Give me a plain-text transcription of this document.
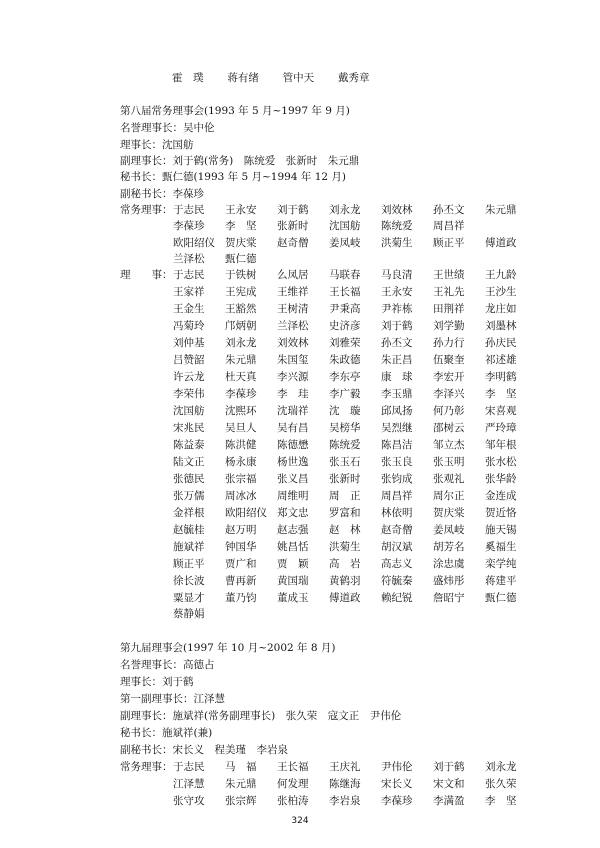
霍　璞 蒋有绪 管中天 戴秀章
第八届常务理事会(1993 年 5 月~1997 年 9 月)
名誉理事长：吴中伦
理事长：沈国舫
副理事长：刘于鹤(常务)　陈统爱　张新时　朱元鼎
秘书长：甄仁德(1993 年 5 月~1994 年 12 月)
副秘书长：李葆珍
常务理事： 于志民 王永安 刘于鹤 刘永龙 刘效林 孙丕文 朱元鼎
李葆珍 李　坚 张新时 沈国舫 陈统爱 周昌祥
欧阳绍仪 贺庆棠 赵奇僧 姜凤岐 洪菊生 顾正平 傅道政
兰泽松 甄仁德
理　　事： 于志民 于铁树 么凤居 马联春 马良清 王世绩 王九龄
王家祥 王宪成 王维祥 王长福 王永安 王礼先 王沙生
王金生 王豁然 王树清 尹秉高 尹祚栋 田荆祥 龙庄如
冯菊玲 邝炳朝 兰泽松 史济彦 刘于鹤 刘学勤 刘墨林
刘仲基 刘永龙 刘效林 刘雅荣 孙丕文 孙力行 孙庆民
吕赞韶 朱元鼎 朱国玺 朱政德 朱正昌 伍聚奎 祁述雄
许云龙 杜天真 李兴源 李东亭 康　球 李宏开 李明鹤
李荣伟 李葆珍 李　珪 李广毅 李玉鼎 李泽兴 李　坚
沈国舫 沈熙环 沈瑞祥 沈　璇 邱凤扬 何乃彰 宋喜观
宋兆民 吴旦人 吴有昌 吴榜华 吴烈继 邵树云 严玲璋
陈益泰 陈洪健 陈德懋 陈统爱 陈昌洁 邹立杰 邹年根
陆文正 杨永康 杨世逸 张玉石 张玉良 张玉明 张水松
张德民 张宗福 张义昌 张新时 张钧成 张观礼 张华龄
张万儒 周冰冰 周维明 周　正 周昌祥 周尔正 金连成
金祥根 欧阳绍仪 郑文忠 罗富和 林依明 贺庆棠 贺近恪
赵毓桂 赵万明 赵志强 赵　林 赵奇僧 姜凤岐 施天锡
施斌祥 钟国华 姚昌恬 洪菊生 胡汉斌 胡芳名 奚福生
顾正平 贾广和 贾　颖 高　岩 高志义 涂忠虞 栾学纯
徐长波 曹再新 黄国瑞 黄鹤羽 符毓秦 盛炜彤 蒋建平
粟显才 董乃钧 董成玉 傅道政 赖纪锐 詹昭宁 甄仁德
蔡静娟
第九届理事会(1997 年 10 月~2002 年 8 月)
名誉理事长：高德占
理事长：刘于鹤
第一副理事长：江泽慧
副理事长：施斌祥(常务副理事长)　张久荣　寇文正　尹伟伦
秘书长：施斌祥(兼)
副秘书长：宋长义　程美瑾　李岩泉
常务理事： 于志民 马　福 王长福 王庆礼 尹伟伦 刘于鹤 刘永龙
江泽慧 朱元鼎 何发理 陈继海 宋长义 宋文和 张久荣
张守攻 张宗辉 张柏涛 李岩泉 李葆珍 李满盈 李　坚
324
